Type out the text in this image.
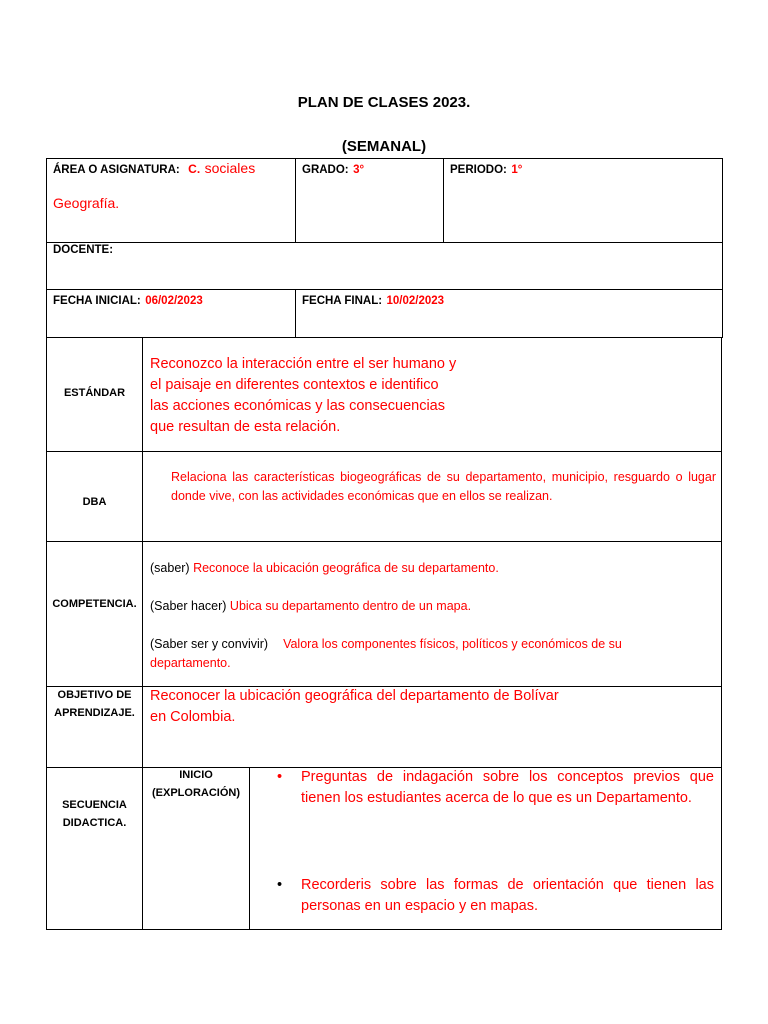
PLAN DE CLASES 2023.
(SEMANAL)
ÁREA O ASIGNATURA: C. sociales
Geografía.
GRADO: 3°	PERIODO: 1°
DOCENTE:
FECHA INICIAL: 06/02/2023	FECHA FINAL: 10/02/2023
ESTÁNDAR
Reconozco la interacción entre el ser humano y
el paisaje en diferentes contextos e identifico
las acciones económicas y las consecuencias
que resultan de esta relación.
DBA
Relaciona las características biogeográficas de su departamento, municipio, resguardo o lugar donde vive, con las actividades económicas que en ellos se realizan.
COMPETENCIA.
(saber) Reconoce la ubicación geográfica de su departamento.
(Saber hacer) Ubica su departamento dentro de un mapa.
(Saber ser y convivir) Valora los componentes físicos, políticos y económicos de su departamento.
OBJETIVO DE
APRENDIZAJE.
Reconocer la ubicación geográfica del departamento de Bolívar
en Colombia.
SECUENCIA
DIDACTICA.
INICIO
(EXPLORACIÓN)
• Preguntas de indagación sobre los conceptos previos que tienen los estudiantes acerca de lo que es un Departamento.
• Recorderis sobre las formas de orientación que tienen las personas en un espacio y en mapas.
